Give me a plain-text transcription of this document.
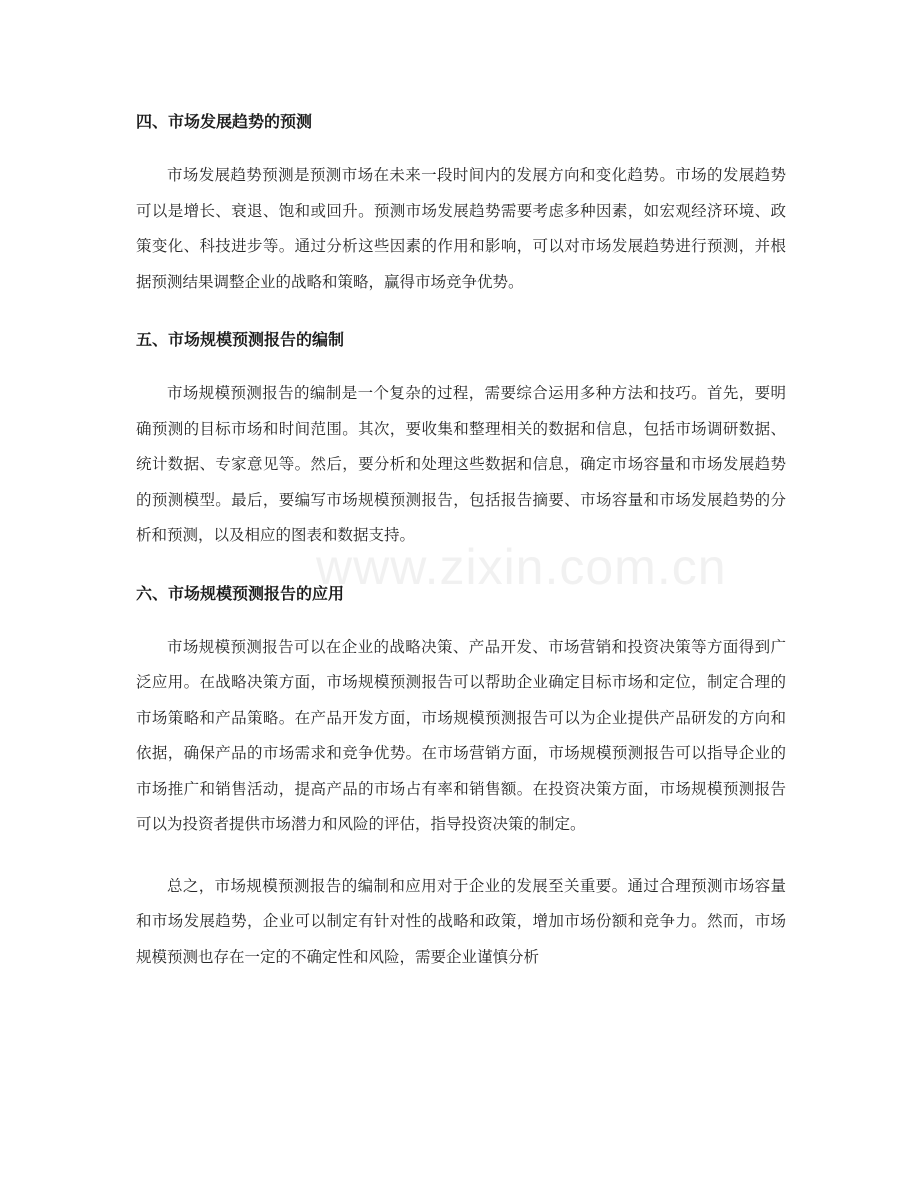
四、市场发展趋势的预测

市场发展趋势预测是预测市场在未来一段时间内的发展方向和变化趋势。市场的发展趋势可以是增长、衰退、饱和或回升。预测市场发展趋势需要考虑多种因素，如宏观经济环境、政策变化、科技进步等。通过分析这些因素的作用和影响，可以对市场发展趋势进行预测，并根据预测结果调整企业的战略和策略，赢得市场竞争优势。

五、市场规模预测报告的编制

市场规模预测报告的编制是一个复杂的过程，需要综合运用多种方法和技巧。首先，要明确预测的目标市场和时间范围。其次，要收集和整理相关的数据和信息，包括市场调研数据、统计数据、专家意见等。然后，要分析和处理这些数据和信息，确定市场容量和市场发展趋势的预测模型。最后，要编写市场规模预测报告，包括报告摘要、市场容量和市场发展趋势的分析和预测，以及相应的图表和数据支持。

六、市场规模预测报告的应用

市场规模预测报告可以在企业的战略决策、产品开发、市场营销和投资决策等方面得到广泛应用。在战略决策方面，市场规模预测报告可以帮助企业确定目标市场和定位，制定合理的市场策略和产品策略。在产品开发方面，市场规模预测报告可以为企业提供产品研发的方向和依据，确保产品的市场需求和竞争优势。在市场营销方面，市场规模预测报告可以指导企业的市场推广和销售活动，提高产品的市场占有率和销售额。在投资决策方面，市场规模预测报告可以为投资者提供市场潜力和风险的评估，指导投资决策的制定。

总之，市场规模预测报告的编制和应用对于企业的发展至关重要。通过合理预测市场容量和市场发展趋势，企业可以制定有针对性的战略和政策，增加市场份额和竞争力。然而，市场规模预测也存在一定的不确定性和风险，需要企业谨慎分析

www.zixin.com.cn
